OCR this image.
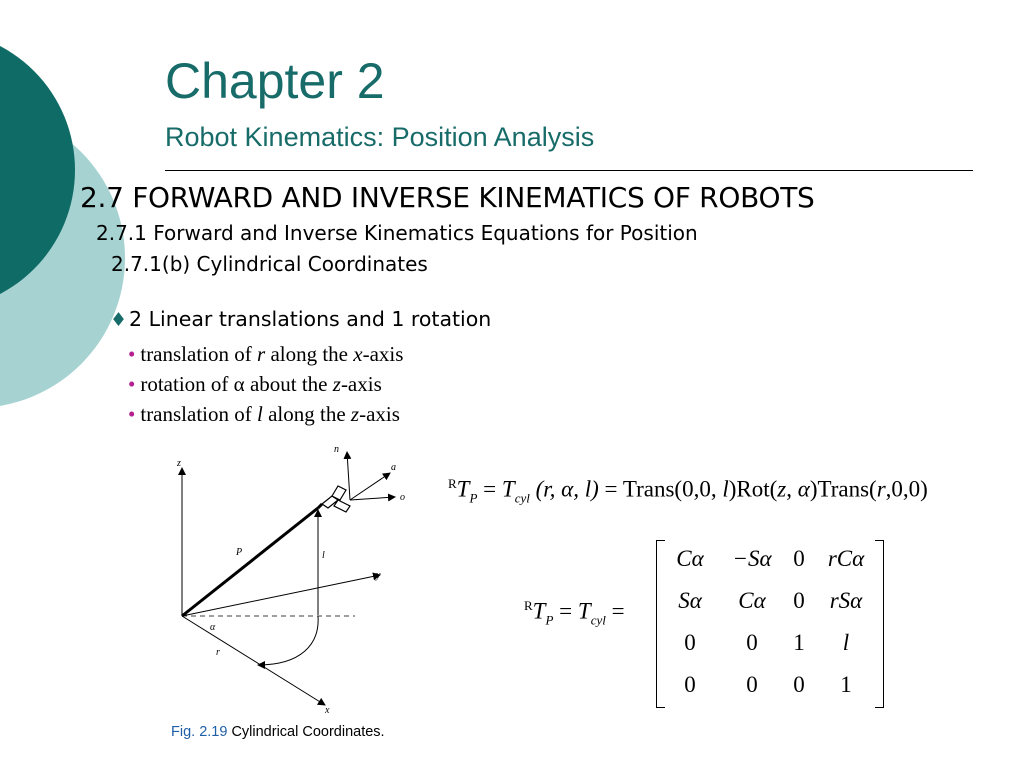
Chapter 2
Robot Kinematics: Position Analysis
2.7 FORWARD AND INVERSE KINEMATICS OF ROBOTS
2.7.1 Forward and Inverse Kinematics Equations for Position
2.7.1(b) Cylindrical Coordinates
♦2 Linear translations and 1 rotation
• translation of r along the x-axis
• rotation of α about the z-axis
• translation of l along the z-axis
z
x
y
n
a
o
P	l
r
α
Fig. 2.19 Cylindrical Coordinates.
$^RT_P = T_{cyl}$ (r, α, l) = Trans(0,0, l)Rot(z, α)Trans(r,0,0)
$^RT_P = T_{cyl}$ =
Cα −Sα 0 rCα
Sα Cα 0 rSα
0 0 1 l
0 0 0 1
